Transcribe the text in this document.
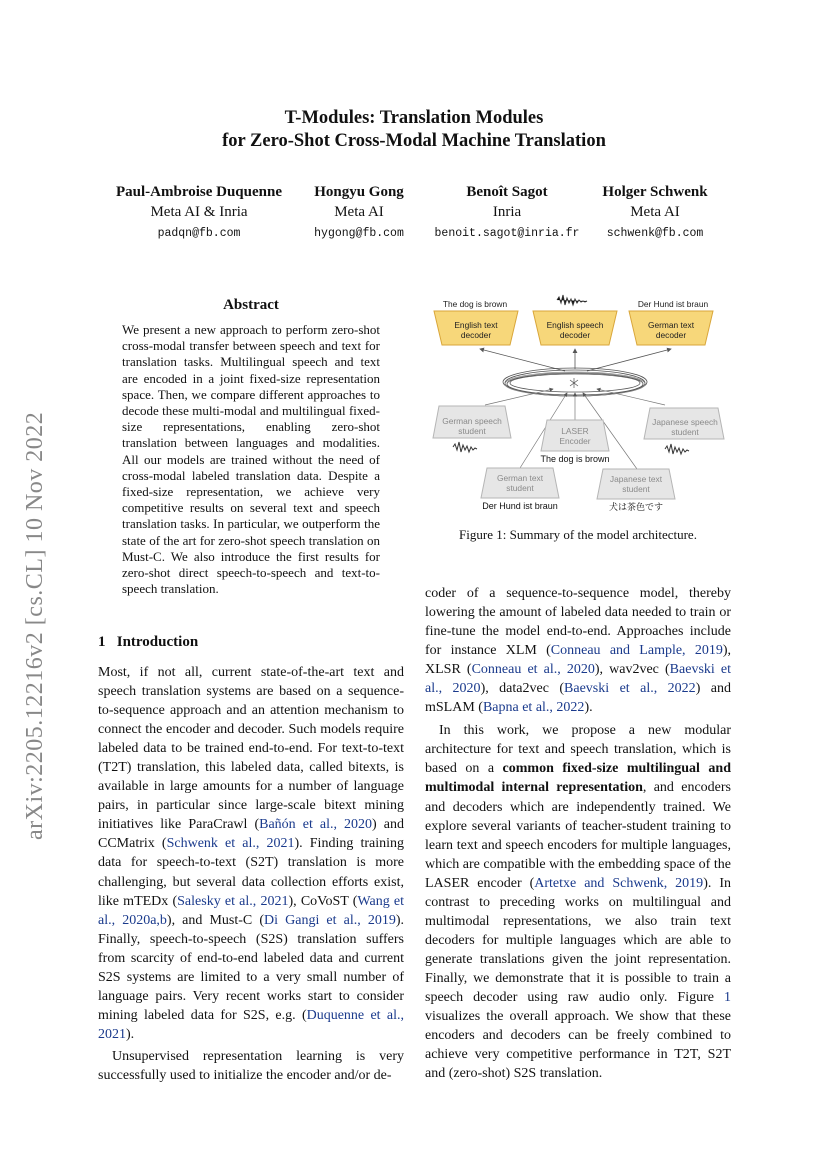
T-Modules: Translation Modules
for Zero-Shot Cross-Modal Machine Translation
Paul-Ambroise Duquenne
Meta AI & Inria
padqn@fb.com
Hongyu Gong
Meta AI
hygong@fb.com
Benoît Sagot
Inria
benoit.sagot@inria.fr
Holger Schwenk
Meta AI
schwenk@fb.com
arXiv:2205.12216v2 [cs.CL] 10 Nov 2022
Abstract
We present a new approach to perform zero-shot cross-modal transfer between speech and text for translation tasks. Multilingual speech and text are encoded in a joint fixed-size representation space. Then, we compare different approaches to decode these multi-modal and multilingual fixed-size representations, enabling zero-shot translation between languages and modalities. All our models are trained without the need of cross-modal labeled translation data. Despite a fixed-size representation, we achieve very competitive results on several text and speech translation tasks. In particular, we outperform the state of the art for zero-shot speech translation on Must-C. We also introduce the first results for zero-shot direct speech-to-speech and text-to-speech translation.
1 Introduction

Most, if not all, current state-of-the-art text and speech translation systems are based on a sequence-to-sequence approach and an attention mechanism to connect the encoder and decoder. Such models require labeled data to be trained end-to-end. For text-to-text (T2T) translation, this labeled data, called bitexts, is available in large amounts for a number of language pairs, in particular since large-scale bitext mining initiatives like ParaCrawl (Bañón et al., 2020) and CCMatrix (Schwenk et al., 2021). Finding training data for speech-to-text (S2T) translation is more challenging, but several data collection efforts exist, like mTEDx (Salesky et al., 2021), CoVoST (Wang et al., 2020a,b), and Must-C (Di Gangi et al., 2019). Finally, speech-to-speech (S2S) translation suffers from scarcity of end-to-end labeled data and current S2S systems are limited to a very small number of language pairs. Very recent works start to consider mining labeled data for S2S, e.g. (Duquenne et al., 2021).

Unsupervised representation learning is very successfully used to initialize the encoder and/or de-

The dog is brown	Der Hund ist braun
English text decoder
English speech decoder
German text decoder
German speech student	LASER Encoder
Japanese speech student
German text student
Japanese text student
The dog is brown
Der Hund ist braun	犬は茶色です
Figure 1: Summary of the model architecture.

coder of a sequence-to-sequence model, thereby lowering the amount of labeled data needed to train or fine-tune the model end-to-end. Approaches include for instance XLM (Conneau and Lample, 2019), XLSR (Conneau et al., 2020), wav2vec (Baevski et al., 2020), data2vec (Baevski et al., 2022) and mSLAM (Bapna et al., 2022).

In this work, we propose a new modular architecture for text and speech translation, which is based on a common fixed-size multilingual and multimodal internal representation, and encoders and decoders which are independently trained. We explore several variants of teacher-student training to learn text and speech encoders for multiple languages, which are compatible with the embedding space of the LASER encoder (Artetxe and Schwenk, 2019). In contrast to preceding works on multilingual and multimodal representations, we also train text decoders for multiple languages which are able to generate translations given the joint representation. Finally, we demonstrate that it is possible to train a speech decoder using raw audio only. Figure 1 visualizes the overall approach. We show that these encoders and decoders can be freely combined to achieve very competitive performance in T2T, S2T and (zero-shot) S2S translation.
